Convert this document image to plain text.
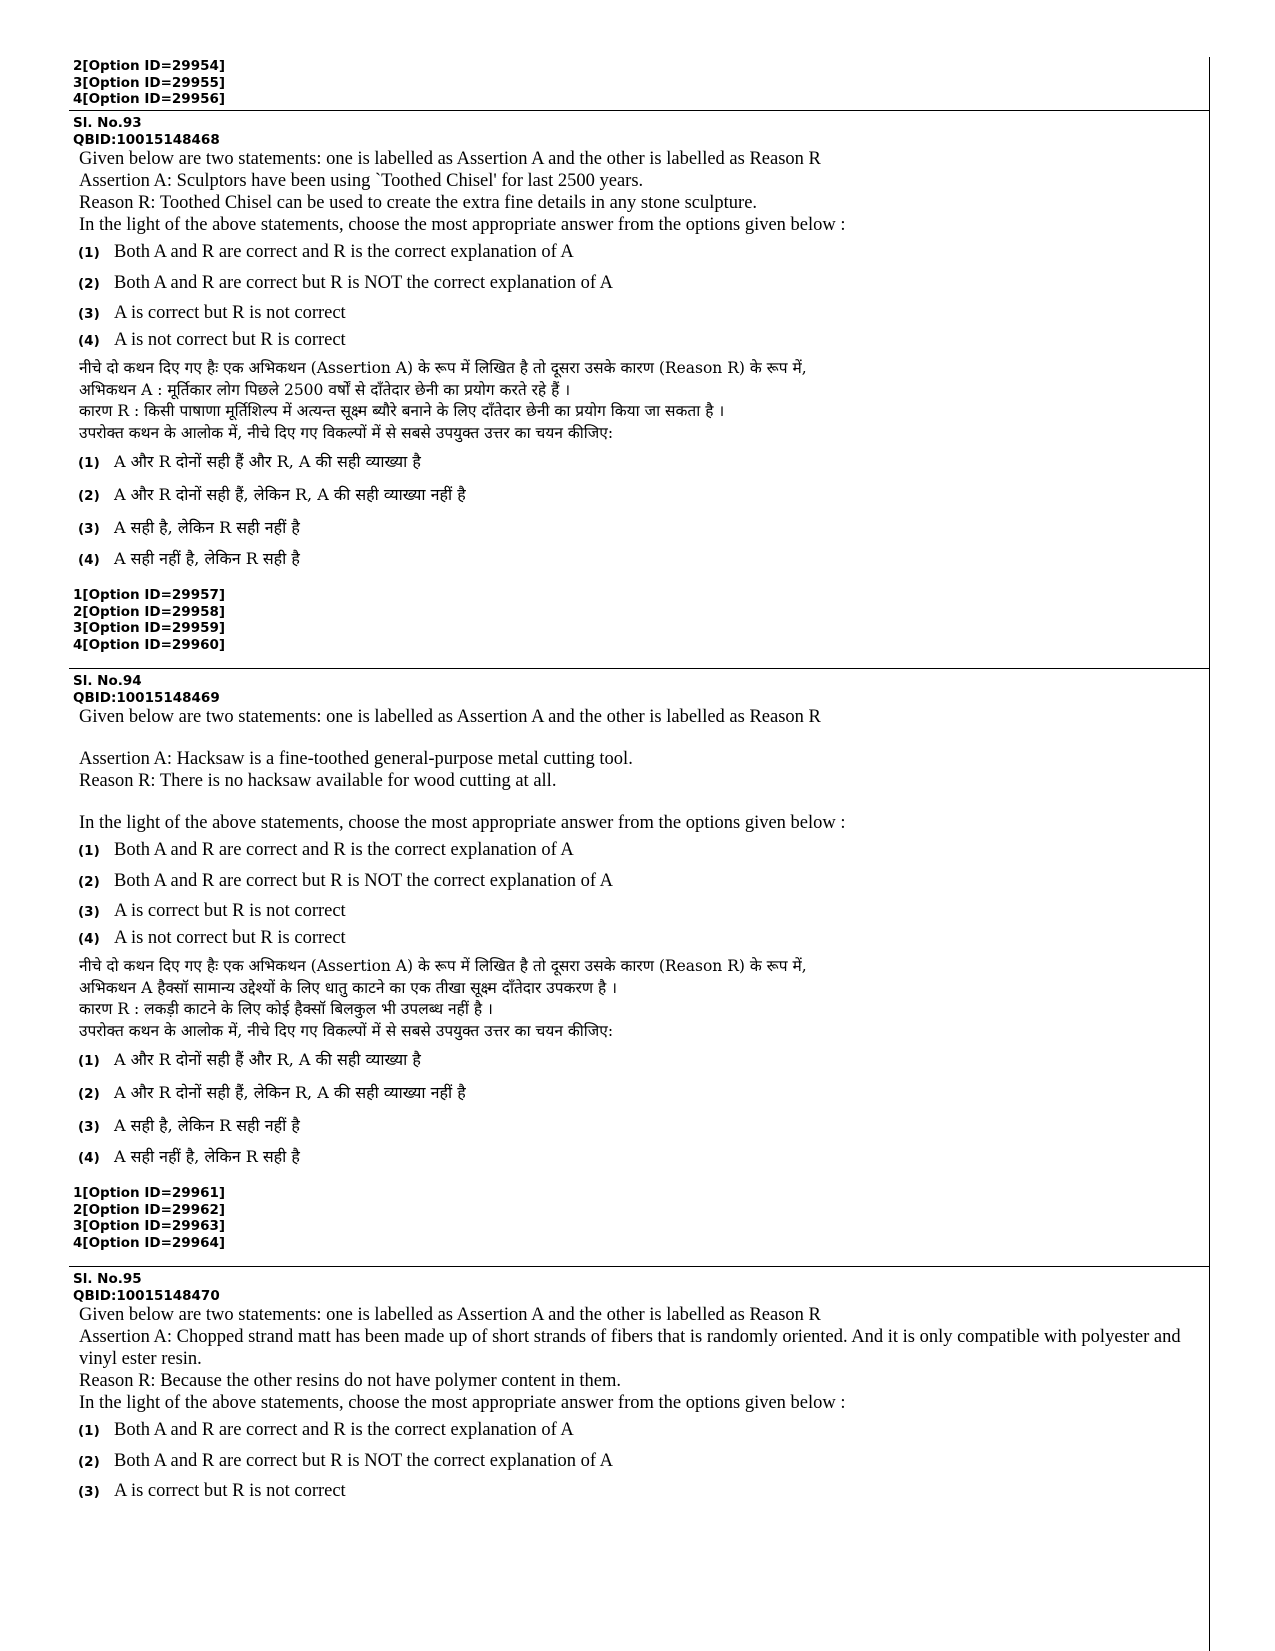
2[Option ID=29954]
3[Option ID=29955]
4[Option ID=29956]
Sl. No.93
QBID:10015148468

Given below are two statements: one is labelled as Assertion A and the other is labelled as Reason R

Assertion A: Sculptors have been using `Toothed Chisel' for last 2500 years.

Reason R: Toothed Chisel can be used to create the extra fine details in any stone sculpture.

In the light of the above statements, choose the most appropriate answer from the options given below :

(1) Both A and R are correct and R is the correct explanation of A
(2) Both A and R are correct but R is NOT the correct explanation of A
(3) A is correct but R is not correct
(4) A is not correct but R is correct

नीचे दो कथन दिए गए हैः एक अभिकथन (Assertion A) के रूप में लिखित है तो दूसरा उसके कारण (Reason R) के रूप में,

अभिकथन A : मूर्तिकार लोग पिछले 2500 वर्षों से दाँतेदार छेनी का प्रयोग करते रहे हैं ।

कारण R : किसी पाषाणा मूर्तिशिल्प में अत्यन्त सूक्ष्म ब्यौरे बनाने के लिए दाँतेदार छेनी का प्रयोग किया जा सकता है ।

उपरोक्त कथन के आलोक में, नीचे दिए गए विकल्पों में से सबसे उपयुक्त उत्तर का चयन कीजिए:

(1) A और R दोनों सही हैं और R, A की सही व्याख्या है
(2) A और R दोनों सही हैं, लेकिन R, A की सही व्याख्या नहीं है
(3) A सही है, लेकिन R सही नहीं है
(4) A सही नहीं है, लेकिन R सही है
1[Option ID=29957]
2[Option ID=29958]
3[Option ID=29959]
4[Option ID=29960]
Sl. No.94
QBID:10015148469

Given below are two statements: one is labelled as Assertion A and the other is labelled as Reason R

Assertion A: Hacksaw is a fine-toothed general-purpose metal cutting tool.

Reason R: There is no hacksaw available for wood cutting at all.

In the light of the above statements, choose the most appropriate answer from the options given below :

(1) Both A and R are correct and R is the correct explanation of A
(2) Both A and R are correct but R is NOT the correct explanation of A
(3) A is correct but R is not correct
(4) A is not correct but R is correct

नीचे दो कथन दिए गए हैः एक अभिकथन (Assertion A) के रूप में लिखित है तो दूसरा उसके कारण (Reason R) के रूप में,

अभिकथन A हैक्सॉ सामान्य उद्देश्यों के लिए धातु काटने का एक तीखा सूक्ष्म दाँतेदार उपकरण है ।

कारण R : लकड़ी काटने के लिए कोई हैक्सॉ बिलकुल भी उपलब्ध नहीं है ।

उपरोक्त कथन के आलोक में, नीचे दिए गए विकल्पों में से सबसे उपयुक्त उत्तर का चयन कीजिए:

(1) A और R दोनों सही हैं और R, A की सही व्याख्या है
(2) A और R दोनों सही हैं, लेकिन R, A की सही व्याख्या नहीं है
(3) A सही है, लेकिन R सही नहीं है
(4) A सही नहीं है, लेकिन R सही है
1[Option ID=29961]
2[Option ID=29962]
3[Option ID=29963]
4[Option ID=29964]
Sl. No.95
QBID:10015148470

Given below are two statements: one is labelled as Assertion A and the other is labelled as Reason R

Assertion A: Chopped strand matt has been made up of short strands of fibers that is randomly oriented. And it is only compatible with polyester and vinyl ester resin.

Reason R: Because the other resins do not have polymer content in them.

In the light of the above statements, choose the most appropriate answer from the options given below :

(1) Both A and R are correct and R is the correct explanation of A
(2) Both A and R are correct but R is NOT the correct explanation of A
(3) A is correct but R is not correct
